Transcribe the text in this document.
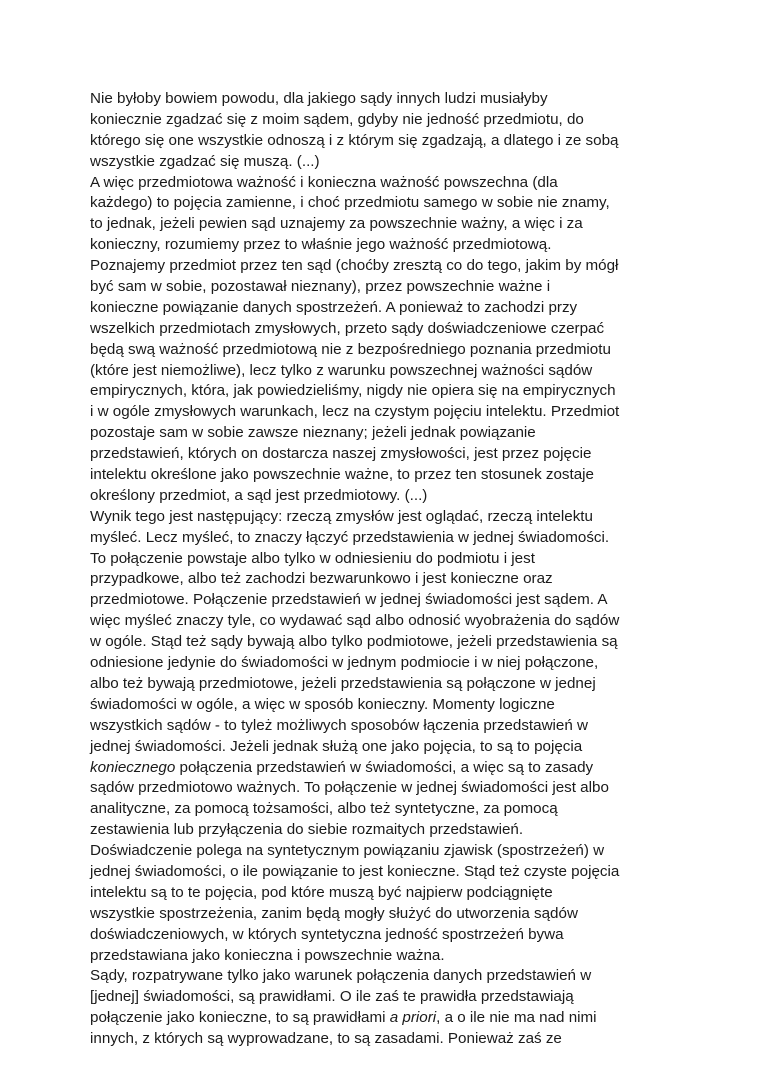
Nie byłoby bowiem powodu, dla jakiego sądy innych ludzi musiałyby
koniecznie zgadzać się z moim sądem, gdyby nie jedność przedmiotu, do
którego się one wszystkie odnoszą i z którym się zgadzają, a dlatego i ze sobą
wszystkie zgadzać się muszą. (...)
A więc przedmiotowa ważność i konieczna ważność powszechna (dla
każdego) to pojęcia zamienne, i choć przedmiotu samego w sobie nie znamy,
to jednak, jeżeli pewien sąd uznajemy za powszechnie ważny, a więc i za
konieczny, rozumiemy przez to właśnie jego ważność przedmiotową.
Poznajemy przedmiot przez ten sąd (choćby zresztą co do tego, jakim by mógł
być sam w sobie, pozostawał nieznany), przez powszechnie ważne i
konieczne powiązanie danych spostrzeżeń. A ponieważ to zachodzi przy
wszelkich przedmiotach zmysłowych, przeto sądy doświadczeniowe czerpać
będą swą ważność przedmiotową nie z bezpośredniego poznania przedmiotu
(które jest niemożliwe), lecz tylko z warunku powszechnej ważności sądów
empirycznych, która, jak powiedzieliśmy, nigdy nie opiera się na empirycznych
i w ogóle zmysłowych warunkach, lecz na czystym pojęciu intelektu. Przedmiot
pozostaje sam w sobie zawsze nieznany; jeżeli jednak powiązanie
przedstawień, których on dostarcza naszej zmysłowości, jest przez pojęcie
intelektu określone jako powszechnie ważne, to przez ten stosunek zostaje
określony przedmiot, a sąd jest przedmiotowy. (...)
Wynik tego jest następujący: rzeczą zmysłów jest oglądać, rzeczą intelektu
myśleć. Lecz myśleć, to znaczy łączyć przedstawienia w jednej świadomości.
To połączenie powstaje albo tylko w odniesieniu do podmiotu i jest
przypadkowe, albo też zachodzi bezwarunkowo i jest konieczne oraz
przedmiotowe. Połączenie przedstawień w jednej świadomości jest sądem. A
więc myśleć znaczy tyle, co wydawać sąd albo odnosić wyobrażenia do sądów
w ogóle. Stąd też sądy bywają albo tylko podmiotowe, jeżeli przedstawienia są
odniesione jedynie do świadomości w jednym podmiocie i w niej połączone,
albo też bywają przedmiotowe, jeżeli przedstawienia są połączone w jednej
świadomości w ogóle, a więc w sposób konieczny. Momenty logiczne
wszystkich sądów - to tyleż możliwych sposobów łączenia przedstawień w
jednej świadomości. Jeżeli jednak służą one jako pojęcia, to są to pojęcia
koniecznego połączenia przedstawień w świadomości, a więc są to zasady
sądów przedmiotowo ważnych. To połączenie w jednej świadomości jest albo
analityczne, za pomocą tożsamości, albo też syntetyczne, za pomocą
zestawienia lub przyłączenia do siebie rozmaitych przedstawień.
Doświadczenie polega na syntetycznym powiązaniu zjawisk (spostrzeżeń) w
jednej świadomości, o ile powiązanie to jest konieczne. Stąd też czyste pojęcia
intelektu są to te pojęcia, pod które muszą być najpierw podciągnięte
wszystkie spostrzeżenia, zanim będą mogły służyć do utworzenia sądów
doświadczeniowych, w których syntetyczna jedność spostrzeżeń bywa
przedstawiana jako konieczna i powszechnie ważna.
Sądy, rozpatrywane tylko jako warunek połączenia danych przedstawień w
[jednej] świadomości, są prawidłami. O ile zaś te prawidła przedstawiają
połączenie jako konieczne, to są prawidłami a priori, a o ile nie ma nad nimi
innych, z których są wyprowadzane, to są zasadami. Ponieważ zaś ze
